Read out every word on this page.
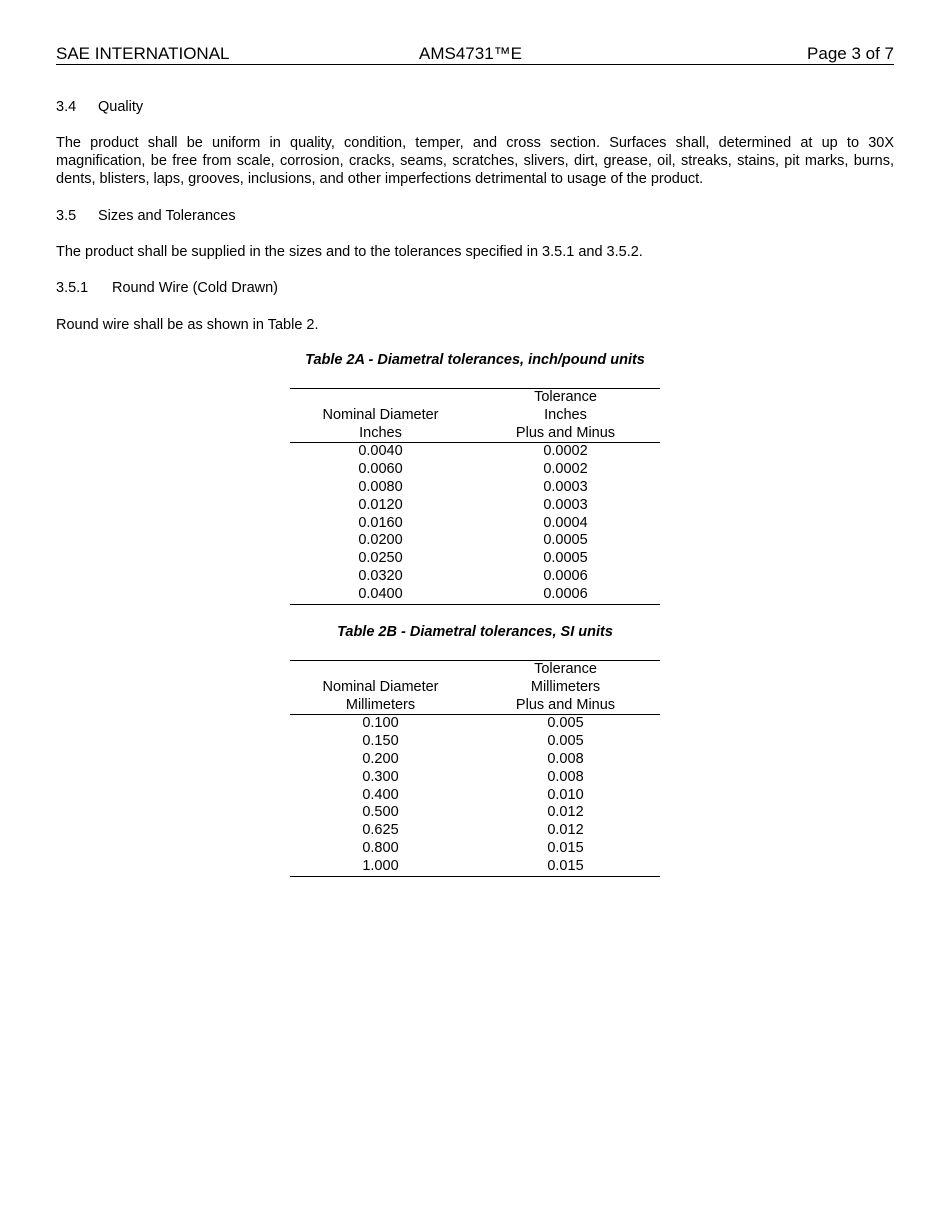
SAE INTERNATIONAL	AMS4731™E	Page 3 of 7
3.4 Quality
The product shall be uniform in quality, condition, temper, and cross section. Surfaces shall, determined at up to 30X magnification, be free from scale, corrosion, cracks, seams, scratches, slivers, dirt, grease, oil, streaks, stains, pit marks, burns, dents, blisters, laps, grooves, inclusions, and other imperfections detrimental to usage of the product.
3.5 Sizes and Tolerances
The product shall be supplied in the sizes and to the tolerances specified in 3.5.1 and 3.5.2.
3.5.1 Round Wire (Cold Drawn)
Round wire shall be as shown in Table 2.
Table 2A - Diametral tolerances, inch/pound units
	Tolerance
Nominal Diameter	Inches
Inches	Plus and Minus
0.0040	0.0002
0.0060	0.0002
0.0080	0.0003
0.0120	0.0003
0.0160	0.0004
0.0200	0.0005
0.0250	0.0005
0.0320	0.0006
0.0400	0.0006
Table 2B - Diametral tolerances, SI units
	Tolerance
Nominal Diameter	Millimeters
Millimeters	Plus and Minus
0.100	0.005
0.150	0.005
0.200	0.008
0.300	0.008
0.400	0.010
0.500	0.012
0.625	0.012
0.800	0.015
1.000	0.015
